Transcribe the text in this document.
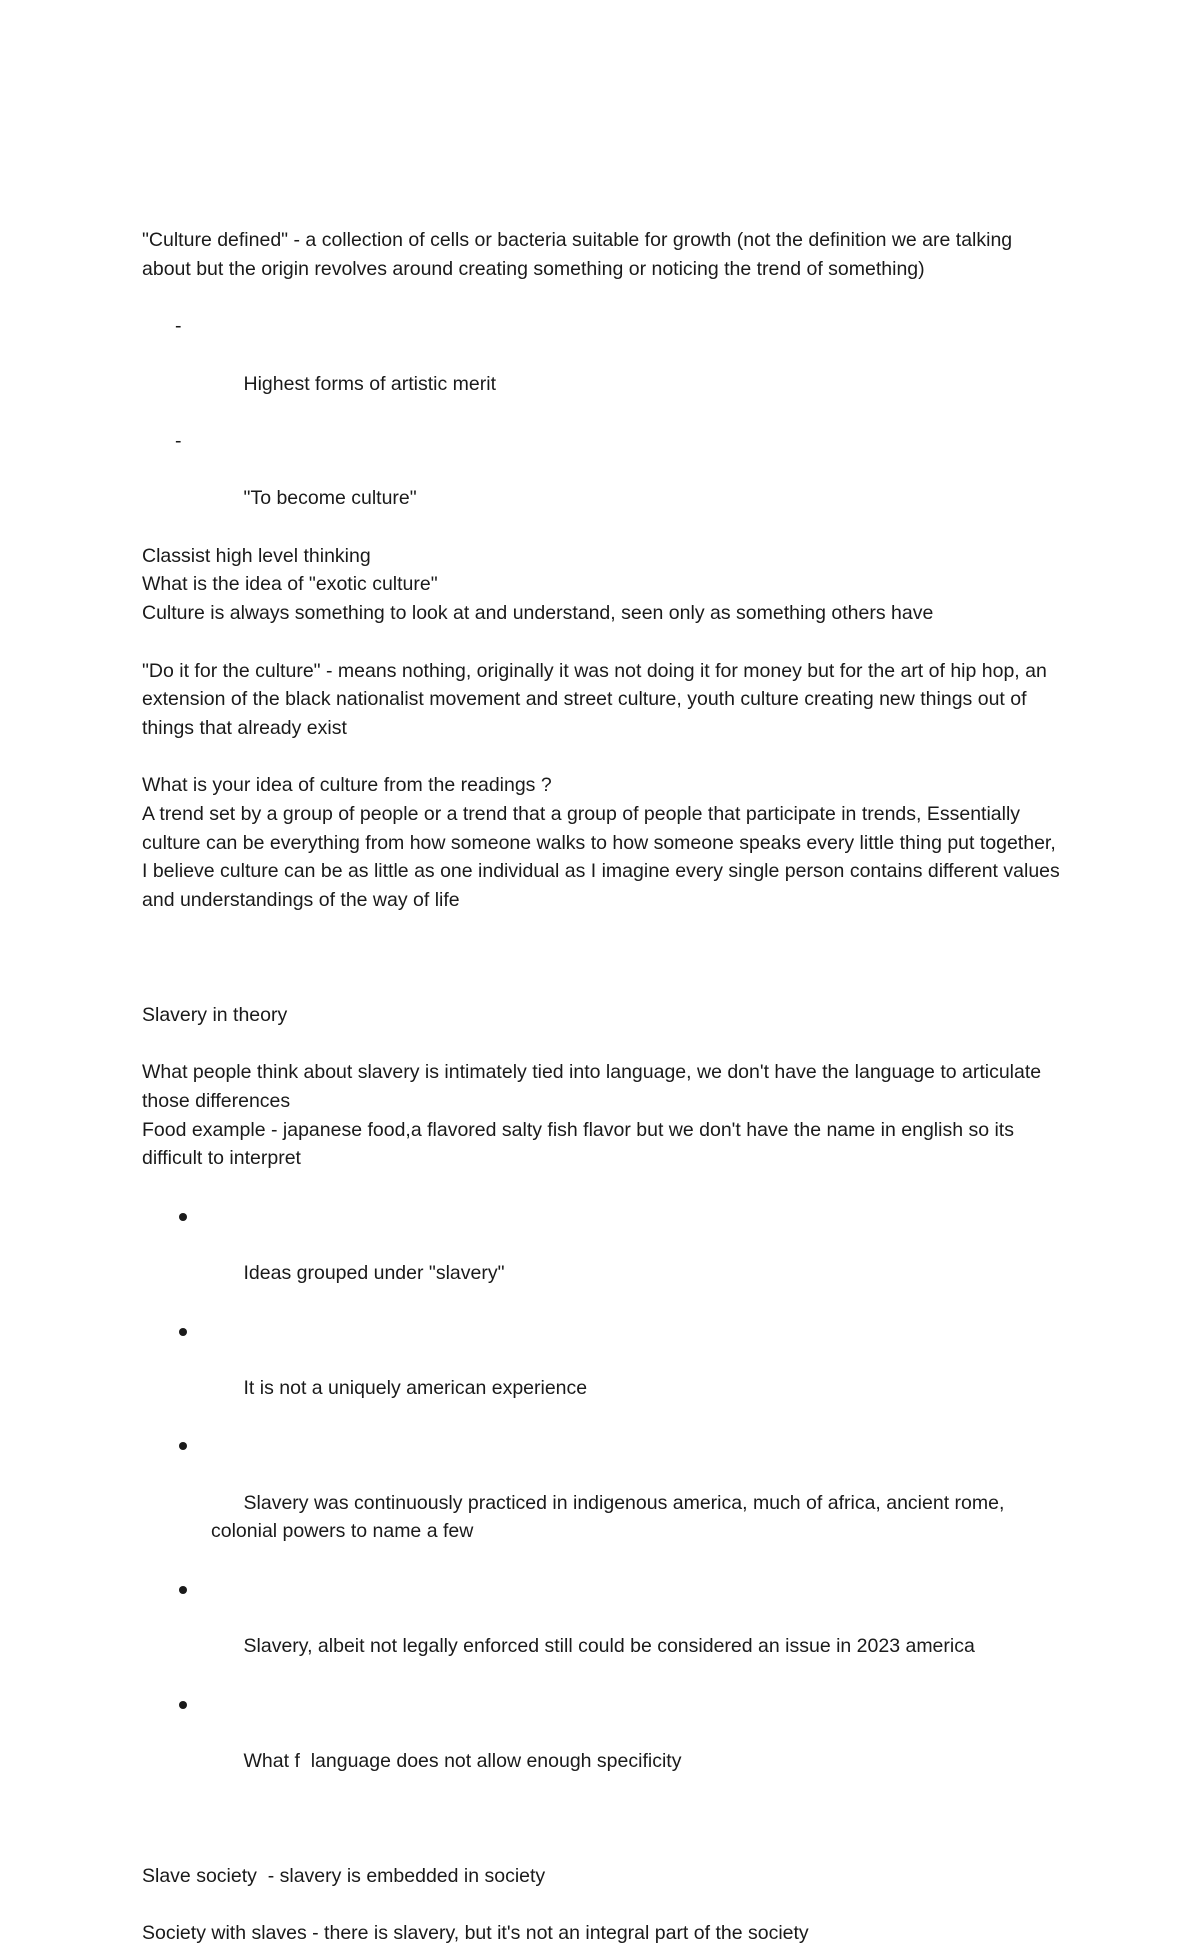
"Culture defined" - a collection of cells or bacteria suitable for growth (not the definition we are talking about but the origin revolves around creating something or noticing the trend of something)

-

Highest forms of artistic merit

-

"To become culture"

Classist high level thinking

What is the idea of "exotic culture"

Culture is always something to look at and understand, seen only as something others have

"Do it for the culture" - means nothing, originally it was not doing it for money but for the art of hip hop, an extension of the black nationalist movement and street culture, youth culture creating new things out of things that already exist

What is your idea of culture from the readings ?

A trend set by a group of people or a trend that a group of people that participate in trends, Essentially culture can be everything from how someone walks to how someone speaks every little thing put together, I believe culture can be as little as one individual as I imagine every single person contains different values and understandings of the way of life

Slavery in theory

What people think about slavery is intimately tied into language, we don't have the language to articulate those differences

Food example - japanese food,a flavored salty fish flavor but we don't have the name in english so its difficult to interpret

Ideas grouped under "slavery"

It is not a uniquely american experience

Slavery was continuously practiced in indigenous america, much of africa, ancient rome, colonial powers to name a few

Slavery, albeit not legally enforced still could be considered an issue in 2023 america

What f  language does not allow enough specificity

Slave society  - slavery is embedded in society

Society with slaves - there is slavery, but it's not an integral part of the society
